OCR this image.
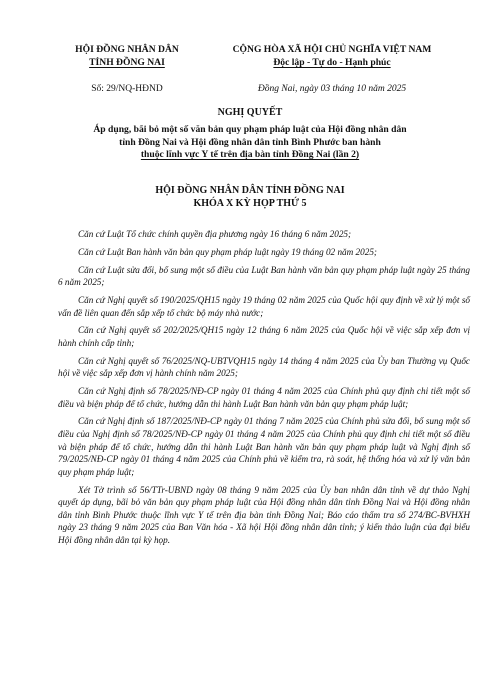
HỘI ĐỒNG NHÂN DÂN
TỈNH ĐỒNG NAI
CỘNG HÒA XÃ HỘI CHỦ NGHĨA VIỆT NAM
Độc lập - Tự do - Hạnh phúc
Số: 29/NQ-HĐND	Đồng Nai, ngày 03 tháng 10 năm 2025
NGHỊ QUYẾT
Áp dụng, bãi bỏ một số văn bản quy phạm pháp luật của Hội đồng nhân dân
tỉnh Đồng Nai và Hội đồng nhân dân tỉnh Bình Phước ban hành
thuộc lĩnh vực Y tế trên địa bàn tỉnh Đồng Nai (lần 2)
HỘI ĐỒNG NHÂN DÂN TỈNH ĐỒNG NAI
KHÓA X KỲ HỌP THỨ 5

Căn cứ Luật Tổ chức chính quyền địa phương ngày 16 tháng 6 năm 2025;

Căn cứ Luật Ban hành văn bản quy phạm pháp luật ngày 19 tháng 02 năm 2025;

Căn cứ Luật sửa đổi, bổ sung một số điều của Luật Ban hành văn bản quy phạm pháp luật ngày 25 tháng 6 năm 2025;

Căn cứ Nghị quyết số 190/2025/QH15 ngày 19 tháng 02 năm 2025 của Quốc hội quy định về xử lý một số vấn đề liên quan đến sắp xếp tổ chức bộ máy nhà nước;

Căn cứ Nghị quyết số 202/2025/QH15 ngày 12 tháng 6 năm 2025 của Quốc hội về việc sắp xếp đơn vị hành chính cấp tỉnh;

Căn cứ Nghị quyết số 76/2025/NQ-UBTVQH15 ngày 14 tháng 4 năm 2025 của Ủy ban Thường vụ Quốc hội về việc sắp xếp đơn vị hành chính năm 2025;

Căn cứ Nghị định số 78/2025/NĐ-CP ngày 01 tháng 4 năm 2025 của Chính phủ quy định chi tiết một số điều và biện pháp để tổ chức, hướng dẫn thi hành Luật Ban hành văn bản quy phạm pháp luật;

Căn cứ Nghị định số 187/2025/NĐ-CP ngày 01 tháng 7 năm 2025 của Chính phủ sửa đổi, bổ sung một số điều của Nghị định số 78/2025/NĐ-CP ngày 01 tháng 4 năm 2025 của Chính phủ quy định chi tiết một số điều và biện pháp để tổ chức, hướng dẫn thi hành Luật Ban hành văn bản quy phạm pháp luật và Nghị định số 79/2025/NĐ-CP ngày 01 tháng 4 năm 2025 của Chính phủ về kiểm tra, rà soát, hệ thống hóa và xử lý văn bản quy phạm pháp luật;

Xét Tờ trình số 56/TTr-UBND ngày 08 tháng 9 năm 2025 của Ủy ban nhân dân tỉnh về dự thảo Nghị quyết áp dụng, bãi bỏ văn bản quy phạm pháp luật của Hội đồng nhân dân tỉnh Đồng Nai và Hội đồng nhân dân tỉnh Bình Phước thuộc lĩnh vực Y tế trên địa bàn tỉnh Đồng Nai; Báo cáo thẩm tra số 274/BC-BVHXH ngày 23 tháng 9 năm 2025 của Ban Văn hóa - Xã hội Hội đồng nhân dân tỉnh; ý kiến thảo luận của đại biểu Hội đồng nhân dân tại kỳ họp.
